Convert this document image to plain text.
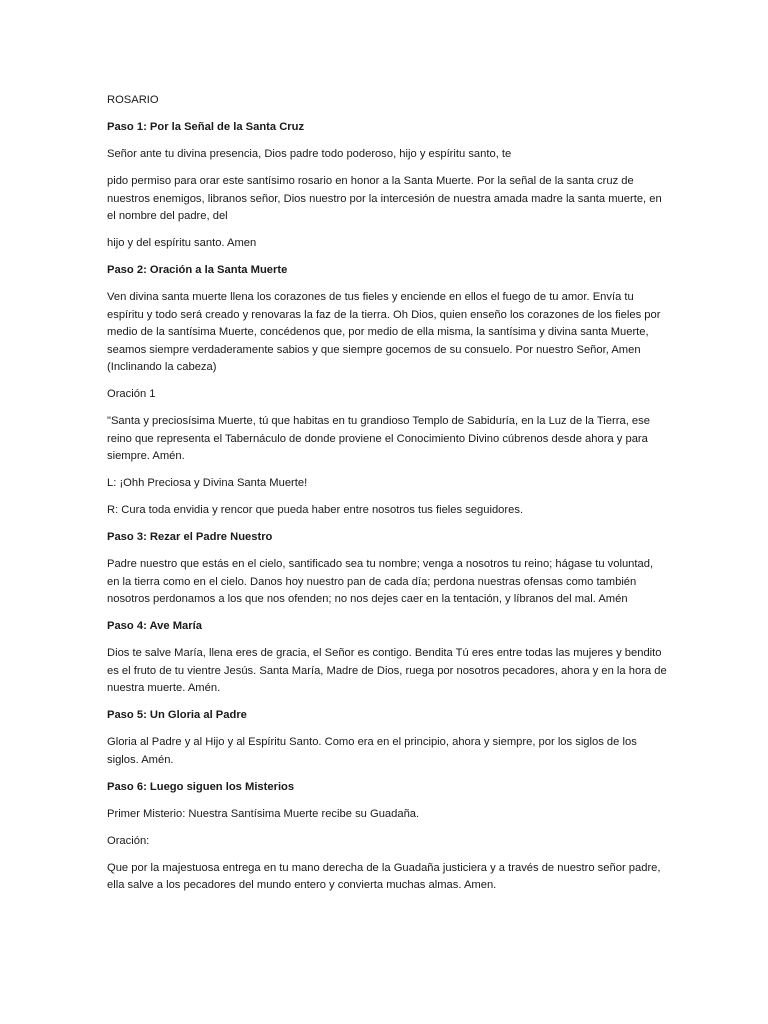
ROSARIO

Paso 1: Por la Señal de la Santa Cruz

Señor ante tu divina presencia, Dios padre todo poderoso, hijo y espíritu santo, te

pido permiso para orar este santísimo rosario en honor a la Santa Muerte. Por la señal de la santa cruz de nuestros enemigos, libranos señor, Dios nuestro por la intercesión de nuestra amada madre la santa muerte, en el nombre del padre, del

hijo y del espíritu santo. Amen

Paso 2: Oración a la Santa Muerte

Ven divina santa muerte llena los corazones de tus fieles y enciende en ellos el fuego de tu amor. Envía tu espíritu y todo será creado y renovaras la faz de la tierra. Oh Dios, quien enseño los corazones de los fieles por medio de la santísima Muerte, concédenos que, por medio de ella misma, la santísima y divina santa Muerte, seamos siempre verdaderamente sabios y que siempre gocemos de su consuelo. Por nuestro Señor, Amen (Inclinando la cabeza)

Oración 1

"Santa y preciosísima Muerte, tú que habitas en tu grandioso Templo de Sabiduría, en la Luz de la Tierra, ese reino que representa el Tabernáculo de donde proviene el Conocimiento Divino cúbrenos desde ahora y para siempre. Amén.

L: ¡Ohh Preciosa y Divina Santa Muerte!

R: Cura toda envidia y rencor que pueda haber entre nosotros tus fieles seguidores.

Paso 3: Rezar el Padre Nuestro

Padre nuestro que estás en el cielo, santificado sea tu nombre; venga a nosotros tu reino; hágase tu voluntad, en la tierra como en el cielo. Danos hoy nuestro pan de cada día; perdona nuestras ofensas como también nosotros perdonamos a los que nos ofenden; no nos dejes caer en la tentación, y líbranos del mal. Amén

Paso 4: Ave María

Dios te salve María, llena eres de gracia, el Señor es contigo. Bendita Tú eres entre todas las mujeres y bendito es el fruto de tu vientre Jesús. Santa María, Madre de Dios, ruega por nosotros pecadores, ahora y en la hora de nuestra muerte. Amén.

Paso 5: Un Gloria al Padre

Gloria al Padre y al Hijo y al Espíritu Santo. Como era en el principio, ahora y siempre, por los siglos de los siglos. Amén.

Paso 6: Luego siguen los Misterios

Primer Misterio: Nuestra Santísima Muerte recibe su Guadaña.

Oración:

Que por la majestuosa entrega en tu mano derecha de la Guadaña justiciera y a través de nuestro señor padre, ella salve a los pecadores del mundo entero y convierta muchas almas. Amen.
